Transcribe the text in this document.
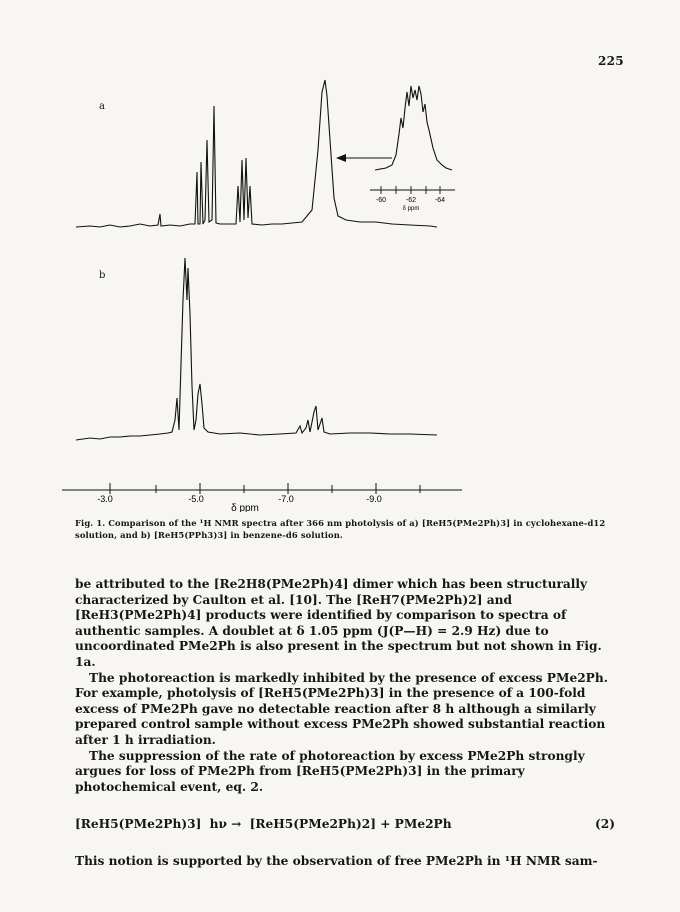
225
a
b
-60	-62	-64
δ ppm
-3.0	-5.0	-7.0	-9.0
δ ppm
Fig. 1. Comparison of the ¹H NMR spectra after 366 nm photolysis of a) [ReH5(PMe2Ph)3] in cyclohexane-d12 solution, and b) [ReH5(PPh3)3] in benzene-d6 solution.

be attributed to the [Re2H8(PMe2Ph)4] dimer which has been structurally characterized by Caulton et al. [10]. The [ReH7(PMe2Ph)2] and [ReH3(PMe2Ph)4] products were identified by comparison to spectra of authentic samples. A doublet at δ 1.05 ppm (J(P—H) = 2.9 Hz) due to uncoordinated PMe2Ph is also present in the spectrum but not shown in Fig. 1a.

The photoreaction is markedly inhibited by the presence of excess PMe2Ph. For example, photolysis of [ReH5(PMe2Ph)3] in the presence of a 100-fold excess of PMe2Ph gave no detectable reaction after 8 h although a similarly prepared control sample without excess PMe2Ph showed substantial reaction after 1 h irradiation.

The suppression of the rate of photoreaction by excess PMe2Ph strongly argues for loss of PMe2Ph from [ReH5(PMe2Ph)3] in the primary photochemical event, eq. 2.

[ReH5(PMe2Ph)3] hν → [ReH5(PMe2Ph)2] + PMe2Ph	(2)
This notion is supported by the observation of free PMe2Ph in ¹H NMR sam-
